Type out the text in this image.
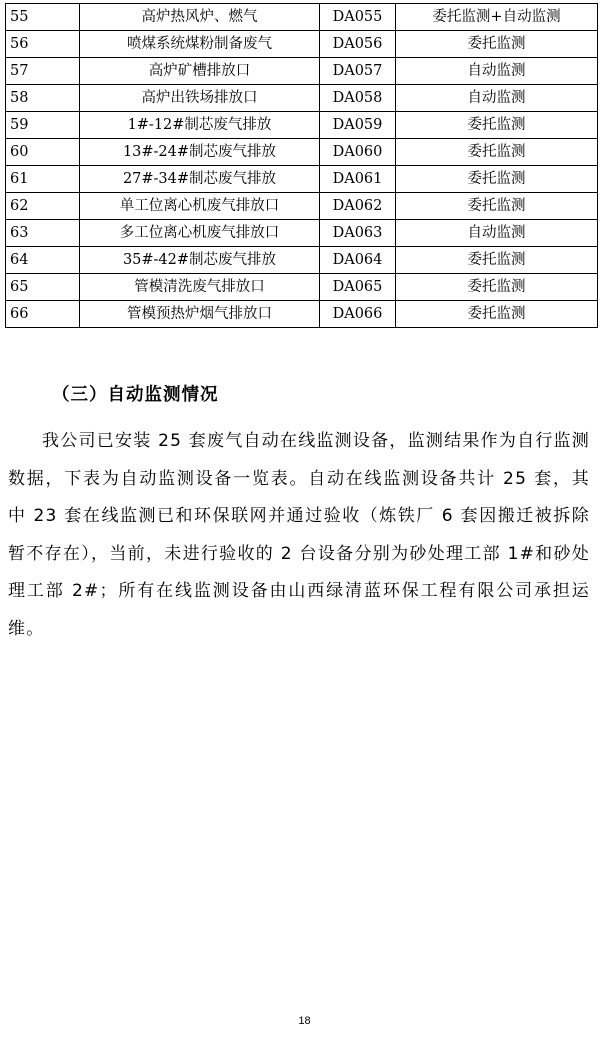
55	高炉热风炉、燃气	DA055	委托监测+自动监测
56	喷煤系统煤粉制备废气	DA056	委托监测
57	高炉矿槽排放口	DA057	自动监测
58	高炉出铁场排放口	DA058	自动监测
59	1#-12#制芯废气排放	DA059	委托监测
60	13#-24#制芯废气排放	DA060	委托监测
61	27#-34#制芯废气排放	DA061	委托监测
62	单工位离心机废气排放口	DA062	委托监测
63	多工位离心机废气排放口	DA063	自动监测
64	35#-42#制芯废气排放	DA064	委托监测
65	管模清洗废气排放口	DA065	委托监测
66	管模预热炉烟气排放口	DA066	委托监测
（三）自动监测情况

我公司已安装 25 套废气自动在线监测设备，监测结果作为自行监测数据，下表为自动监测设备一览表。自动在线监测设备共计 25 套，其中 23 套在线监测已和环保联网并通过验收（炼铁厂 6 套因搬迁被拆除暂不存在），当前，未进行验收的 2 台设备分别为砂处理工部 1#和砂处理工部 2#；所有在线监测设备由山西绿清蓝环保工程有限公司承担运维。

18
